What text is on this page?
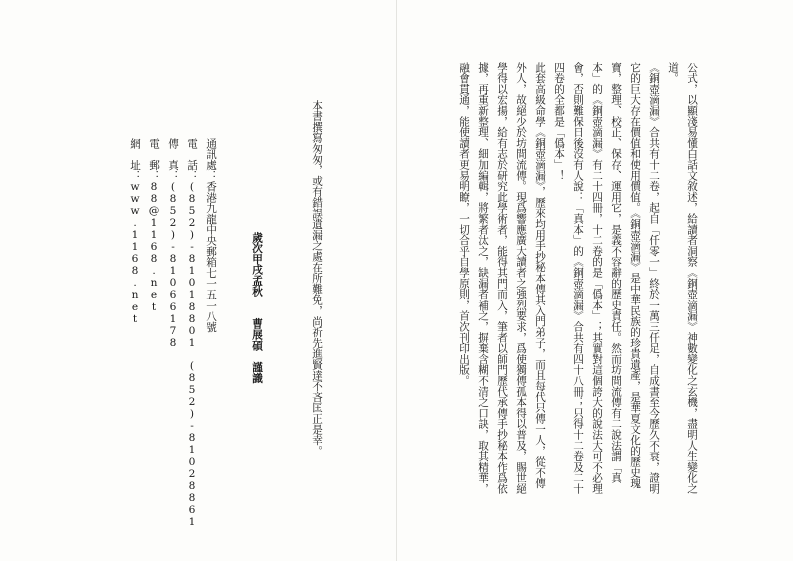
本書撰寫匆匆，或有錯誤遺漏之處在所難免，尚祈先進賢達不吝匡正是幸。
歲次甲戌孟秋　　曹展碩　謹識
通訊處：香港九龍中央郵箱七一五一八號
電　話：(852)-81018801　(852)-81028861
傳　真：(852)-81066178
電　郵：88@1168.net
網　址：www.1168.net	公式，以顯淺易懂白話文敘述，給讀者洞察《銅壺滴漏》神數變化之玄機，盡明人生變化之道。
《銅壺滴漏》合共有十二卷，起自「仟零一」終於一萬三仟足，自成書至今歷久不衰，證明它的巨大存在價值和使用價值。《銅壺滴漏》是中華民族的珍貴遺產，是華夏文化的歷史瑰寶，整理、校正、保存、運用它，是義不容辭的歷史責任。然而坊間流傳有二說法謂「真本」的《銅壺滴漏》有二十四冊，十二卷的是「僞本」；其實對這個誇大的說法大可不必理會，否則難保日後沒有人說：「真本」的《銅壺滴漏》合共有四十八冊；只得十二卷及二十四卷的全都是「僞本」！
此套高級命學《銅壺滴漏》，歷來均用手抄秘本傳其入門弟子，而且每代只傳一人，從不傳外人，故絕少於坊間流傳。現爲響應廣大讀者之強烈要求，爲使獨傳孤本得以普及，賜世絕學得以宏揚，給有志於研究此學術者，能得其門而入，筆者以師門歷代承傳手抄秘本作爲依據，再重新整理、細加編輯，將繁者汰之，缺漏者補之，摒棄含糊不清之口訣，取其精華，融會貫通，能使讀者更易明瞭，一切合乎自學原則，首次刊印出版。
